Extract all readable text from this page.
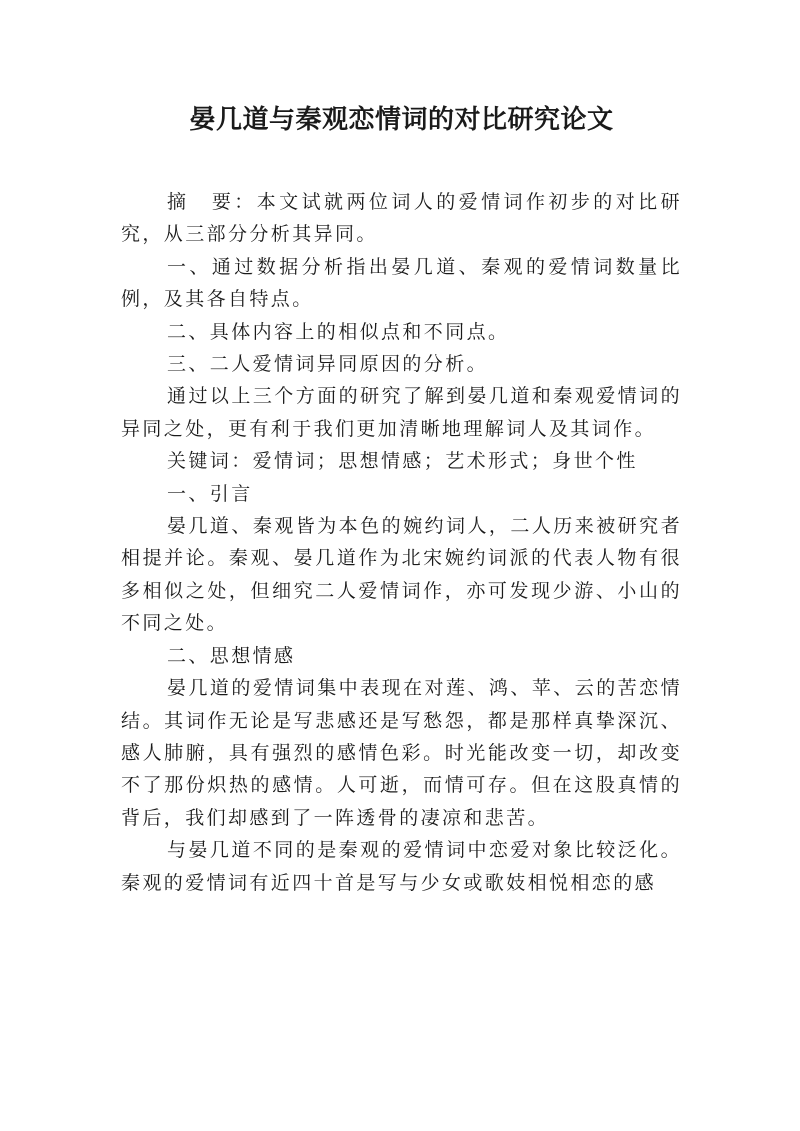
晏几道与秦观恋情词的对比研究论文

摘　要：本文试就两位词人的爱情词作初步的对比研究，从三部分分析其异同。

一、通过数据分析指出晏几道、秦观的爱情词数量比例，及其各自特点。

二、具体内容上的相似点和不同点。

三、二人爱情词异同原因的分析。

通过以上三个方面的研究了解到晏几道和秦观爱情词的异同之处，更有利于我们更加清晰地理解词人及其词作。

关键词：爱情词；思想情感；艺术形式；身世个性

一、引言

晏几道、秦观皆为本色的婉约词人，二人历来被研究者相提并论。秦观、晏几道作为北宋婉约词派的代表人物有很多相似之处，但细究二人爱情词作，亦可发现少游、小山的不同之处。

二、思想情感

晏几道的爱情词集中表现在对莲、鸿、苹、云的苦恋情结。其词作无论是写悲感还是写愁怨，都是那样真挚深沉、感人肺腑，具有强烈的感情色彩。时光能改变一切，却改变不了那份炽热的感情。人可逝，而情可存。但在这股真情的背后，我们却感到了一阵透骨的凄凉和悲苦。

与晏几道不同的是秦观的爱情词中恋爱对象比较泛化。秦观的爱情词有近四十首是写与少女或歌妓相悦相恋的感
